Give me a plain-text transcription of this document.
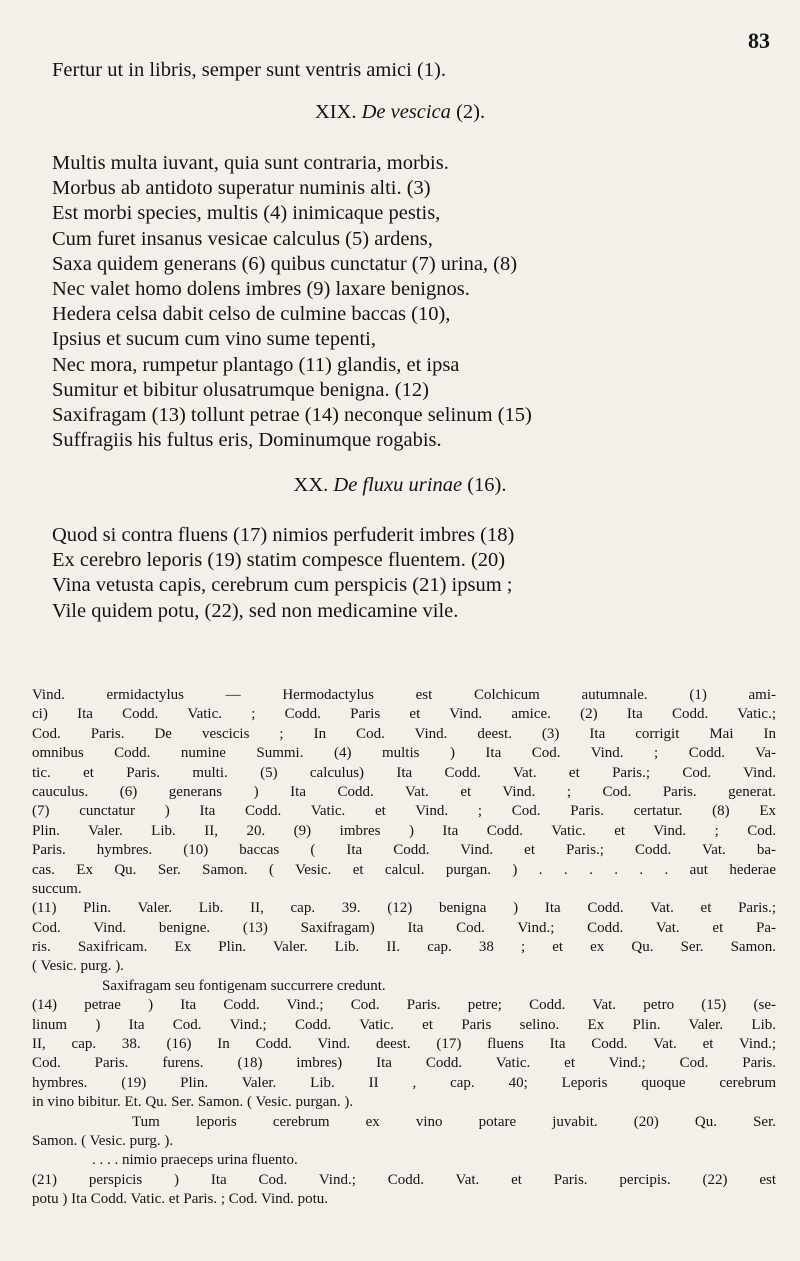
83
Fertur ut in libris, semper sunt ventris amici (1).
XIX. De vescica (2).
Multis multa iuvant, quia sunt contraria, morbis.
Morbus ab antidoto superatur numinis alti. (3)
Est morbi species, multis (4) inimicaque pestis,
Cum furet insanus vesicae calculus (5) ardens,
Saxa quidem generans (6) quibus cunctatur (7) urina, (8)
Nec valet homo dolens imbres (9) laxare benignos.
Hedera celsa dabit celso de culmine baccas (10),
Ipsius et sucum cum vino sume tepenti,
Nec mora, rumpetur plantago (11) glandis, et ipsa
Sumitur et bibitur olusatrumque benigna. (12)
Saxifragam (13) tollunt petrae (14) neconque selinum (15)
Suffragiis his fultus eris, Dominumque rogabis.
XX. De fluxu urinae (16).
Quod si contra fluens (17) nimios perfuderit imbres (18)
Ex cerebro leporis (19) statim compesce fluentem. (20)
Vina vetusta capis, cerebrum cum perspicis (21) ipsum ;
Vile quidem potu, (22), sed non medicamine vile.
Vind. ermidactylus — Hermodactylus est Colchicum autumnale. (1) ami-
ci) Ita Codd. Vatic. ; Codd. Paris et Vind. amice. (2) Ita Codd. Vatic.;
Cod. Paris. De vescicis ; In Cod. Vind. deest. (3) Ita corrigit Mai In
omnibus Codd. numine Summi. (4) multis ) Ita Cod. Vind. ; Codd. Va-
tic. et Paris. multi. (5) calculus) Ita Codd. Vat. et Paris.; Cod. Vind.
cauculus. (6) generans ) Ita Codd. Vat. et Vind. ; Cod. Paris. generat.
(7) cunctatur ) Ita Codd. Vatic. et Vind. ; Cod. Paris. certatur. (8) Ex
Plin. Valer. Lib. II, 20. (9) imbres ) Ita Codd. Vatic. et Vind. ; Cod.
Paris. hymbres. (10) baccas ( Ita Codd. Vind. et Paris.; Codd. Vat. ba-
cas. Ex Qu. Ser. Samon. ( Vesic. et calcul. purgan. ) . . . . . . aut hederae
succum.
(11) Plin. Valer. Lib. II, cap. 39. (12) benigna ) Ita Codd. Vat. et Paris.;
Cod. Vind. benigne. (13) Saxifragam) Ita Cod. Vind.; Codd. Vat. et Pa-
ris. Saxifricam. Ex Plin. Valer. Lib. II. cap. 38 ; et ex Qu. Ser. Samon.
( Vesic. purg. ).
Saxifragam seu fontigenam succurrere credunt.
(14) petrae ) Ita Codd. Vind.; Cod. Paris. petre; Codd. Vat. petro (15) (se-
linum ) Ita Cod. Vind.; Codd. Vatic. et Paris selino. Ex Plin. Valer. Lib.
II, cap. 38. (16) In Codd. Vind. deest. (17) fluens Ita Codd. Vat. et Vind.;
Cod. Paris. furens. (18) imbres) Ita Codd. Vatic. et Vind.; Cod. Paris.
hymbres. (19) Plin. Valer. Lib. II , cap. 40; Leporis quoque cerebrum
in vino bibitur. Et. Qu. Ser. Samon. ( Vesic. purgan. ).
Tum leporis cerebrum ex vino potare juvabit. (20) Qu. Ser.
Samon. ( Vesic. purg. ).
. . . . nimio praeceps urina fluento.
(21) perspicis ) Ita Cod. Vind.; Codd. Vat. et Paris. percipis. (22) est
potu ) Ita Codd. Vatic. et Paris. ; Cod. Vind. potu.
